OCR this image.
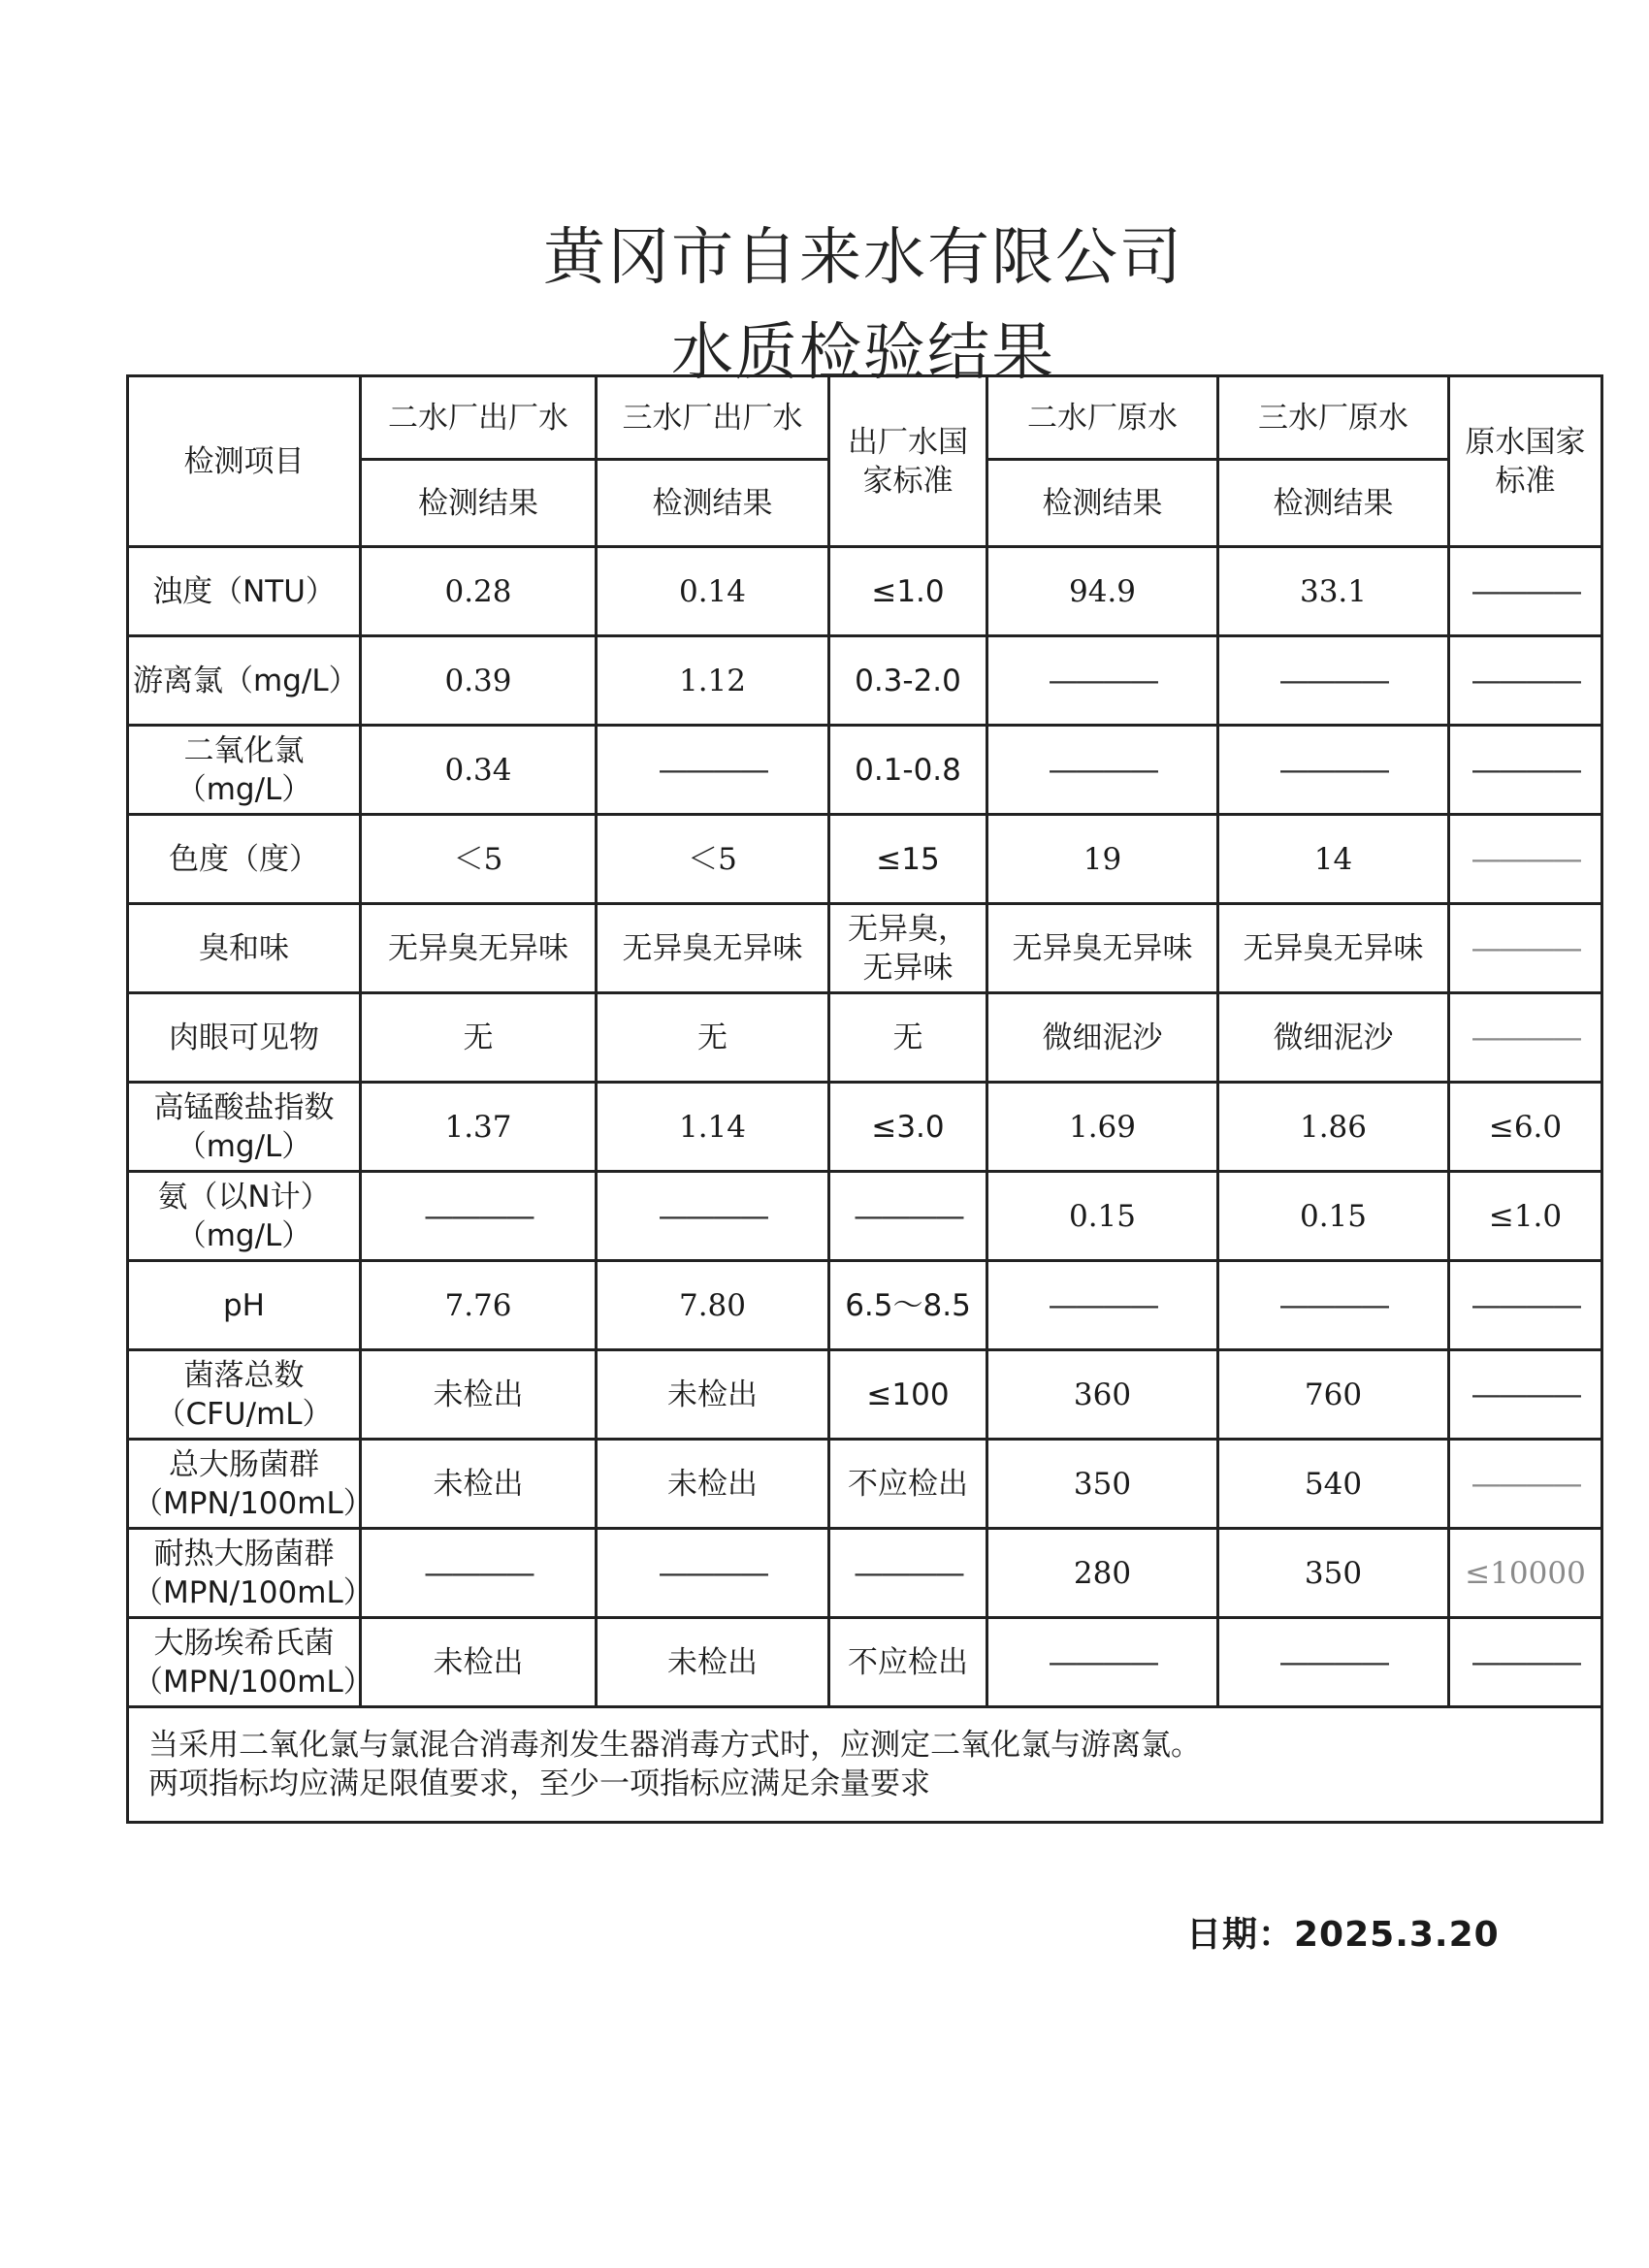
黄冈市自来水有限公司
水质检验结果
检测项目	二水厂出厂水	三水厂出厂水	出厂水国家标准	二水厂原水	三水厂原水	原水国家标准
	检测结果	检测结果		检测结果	检测结果	
浊度（NTU）	0.28	0.14	≤1.0	94.9	33.1	————
游离氯（mg/L）	0.39	1.12	0.3-2.0	————	————	————
二氧化氯（mg/L）	0.34	————	0.1-0.8	————	————	————
色度（度）	＜5	＜5	≤15	19	14	————
臭和味	无异臭无异味	无异臭无异味	无异臭，无异味	无异臭无异味	无异臭无异味	————
肉眼可见物	无	无	无	微细泥沙	微细泥沙	————
高锰酸盐指数（mg/L）	1.37	1.14	≤3.0	1.69	1.86	≤6.0
氨（以N计）（mg/L）	————	————	————	0.15	0.15	≤1.0
pH	7.76	7.80	6.5～8.5	————	————	————
菌落总数（CFU/mL）	未检出	未检出	≤100	360	760	————
总大肠菌群（MPN/100mL）	未检出	未检出	不应检出	350	540	————
耐热大肠菌群（MPN/100mL）	————	————	————	280	350	≤10000
大肠埃希氏菌（MPN/100mL）	未检出	未检出	不应检出	————	————	————

当采用二氧化氯与氯混合消毒剂发生器消毒方式时，应测定二氧化氯与游离氯。
两项指标均应满足限值要求，至少一项指标应满足余量要求						
日期：2025.3.20
